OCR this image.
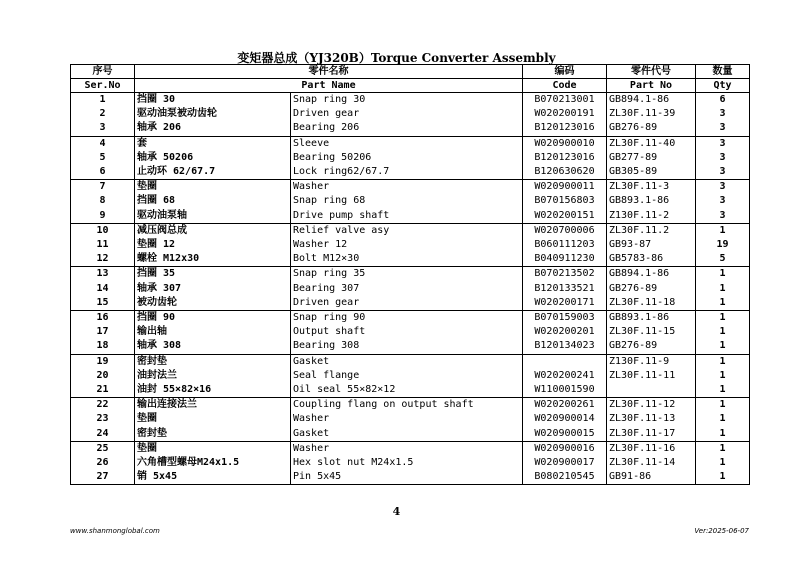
变矩器总成（YJ320B）Torque Converter Assembly
序号	零件名称		编码	零件代号	数量
Ser.No	Part Name		Code	Part No	Qty
1	挡圈 30	Snap ring 30	B070213001	GB894.1-86	6
2	驱动油泵被动齿轮	Driven gear	W020200191	ZL30F.11-39	3
3	轴承 206	Bearing 206	B120123016	GB276-89	3
4	套	Sleeve	W020900010	ZL30F.11-40	3
5	轴承 50206	Bearing 50206	B120123016	GB277-89	3
6	止动环 62/67.7	Lock ring62/67.7	B120630620	GB305-89	3
7	垫圈	Washer	W020900011	ZL30F.11-3	3
8	挡圈 68	Snap ring 68	B070156803	GB893.1-86	3
9	驱动油泵轴	Drive pump shaft	W020200151	Z130F.11-2	3
10	减压阀总成	Relief valve asy	W020700006	ZL30F.11.2	1
11	垫圈 12	Washer 12	B060111203	GB93-87	19
12	螺栓 M12x30	Bolt M12×30	B040911230	GB5783-86	5
13	挡圈 35	Snap ring 35	B070213502	GB894.1-86	1
14	轴承 307	Bearing 307	B120133521	GB276-89	1
15	被动齿轮	Driven gear	W020200171	ZL30F.11-18	1
16	挡圈 90	Snap ring 90	B070159003	GB893.1-86	1
17	输出轴	Output shaft	W020200201	ZL30F.11-15	1
18	轴承 308	Bearing 308	B120134023	GB276-89	1
19	密封垫	Gasket		Z130F.11-9	1
20	油封法兰	Seal flange	W020200241	ZL30F.11-11	1
21	油封 55×82×16	Oil seal 55×82×12	W110001590		1
22	输出连接法兰	Coupling flang on output shaft	W020200261	ZL30F.11-12	1
23	垫圈	Washer	W020900014	ZL30F.11-13	1
24	密封垫	Gasket	W020900015	ZL30F.11-17	1
25	垫圈	Washer	W020900016	ZL30F.11-16	1
26	六角槽型螺母M24x1.5	Hex slot nut M24x1.5	W020900017	ZL30F.11-14	1
27	销 5x45	Pin 5x45	B080210545	GB91-86	1
4
www.shanmonglobal.com	Ver:2025-06-07
